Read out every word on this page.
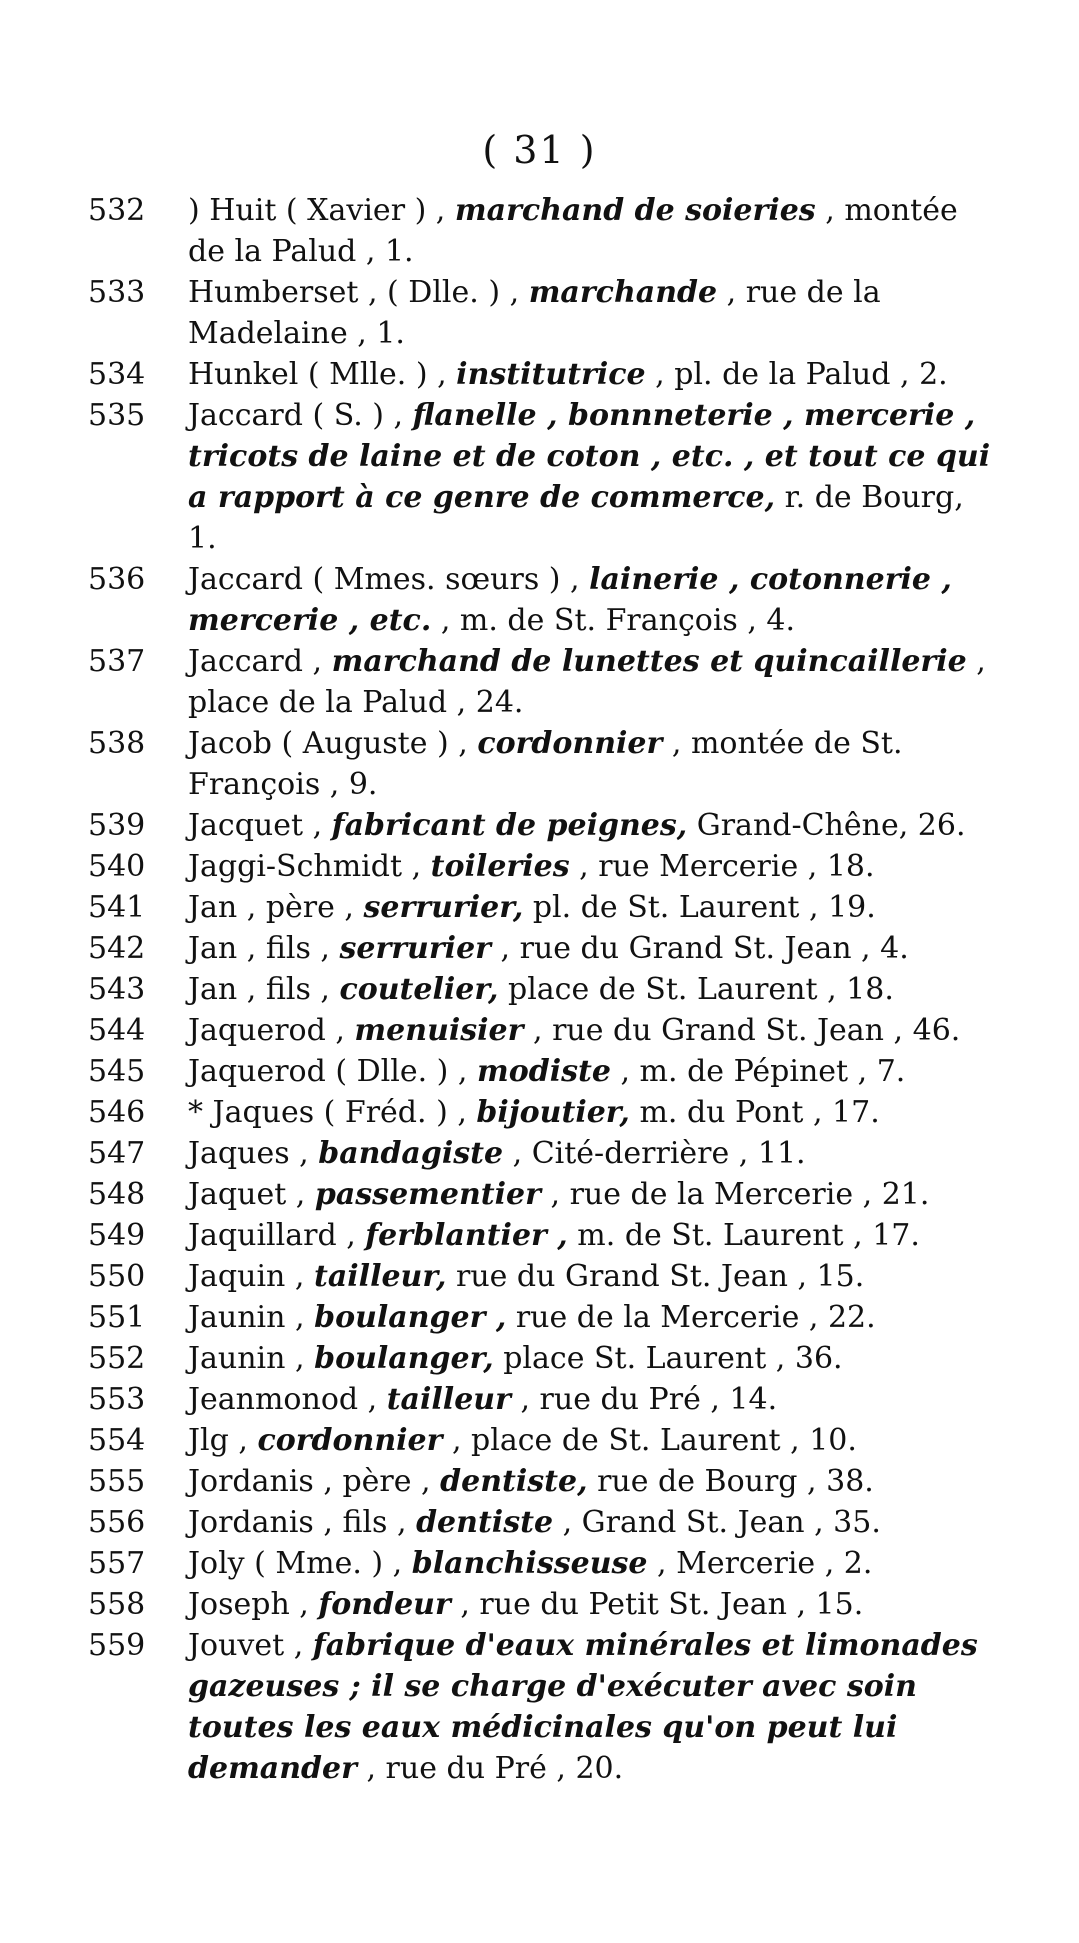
( 31 )
532	) Huit ( Xavier ) , marchand de soieries , montée de la Palud , 1.
533	Humberset , ( Dlle. ) , marchande , rue de la Madelaine , 1.
534	Hunkel ( Mlle. ) , institutrice , pl. de la Palud , 2.
535	Jaccard ( S. ) , flanelle , bonnneterie , mercerie , tricots de laine et de coton , etc. , et tout ce qui a rapport à ce genre de commerce, r. de Bourg, 1.
536	Jaccard ( Mmes. sœurs ) , lainerie , cotonnerie , mercerie , etc. , m. de St. François , 4.
537	Jaccard , marchand de lunettes et quincaillerie , place de la Palud , 24.
538	Jacob ( Auguste ) , cordonnier , montée de St. François , 9.
539	Jacquet , fabricant de peignes, Grand-Chêne, 26.
540	Jaggi-Schmidt , toileries , rue Mercerie , 18.
541	Jan , père , serrurier, pl. de St. Laurent , 19.
542	Jan , fils , serrurier , rue du Grand St. Jean , 4.
543	Jan , fils , coutelier, place de St. Laurent , 18.
544	Jaquerod , menuisier , rue du Grand St. Jean , 46.
545	Jaquerod ( Dlle. ) , modiste , m. de Pépinet , 7.
546	* Jaques ( Fréd. ) , bijoutier, m. du Pont , 17.
547	Jaques , bandagiste , Cité-derrière , 11.
548	Jaquet , passementier , rue de la Mercerie , 21.
549	Jaquillard , ferblantier , m. de St. Laurent , 17.
550	Jaquin , tailleur, rue du Grand St. Jean , 15.
551	Jaunin , boulanger , rue de la Mercerie , 22.
552	Jaunin , boulanger, place St. Laurent , 36.
553	Jeanmonod , tailleur , rue du Pré , 14.
554	Jlg , cordonnier , place de St. Laurent , 10.
555	Jordanis , père , dentiste, rue de Bourg , 38.
556	Jordanis , fils , dentiste , Grand St. Jean , 35.
557	Joly ( Mme. ) , blanchisseuse , Mercerie , 2.
558	Joseph , fondeur , rue du Petit St. Jean , 15.
559	Jouvet , fabrique d'eaux minérales et limonades gazeuses ; il se charge d'exécuter avec soin toutes les eaux médicinales qu'on peut lui demander , rue du Pré , 20.
